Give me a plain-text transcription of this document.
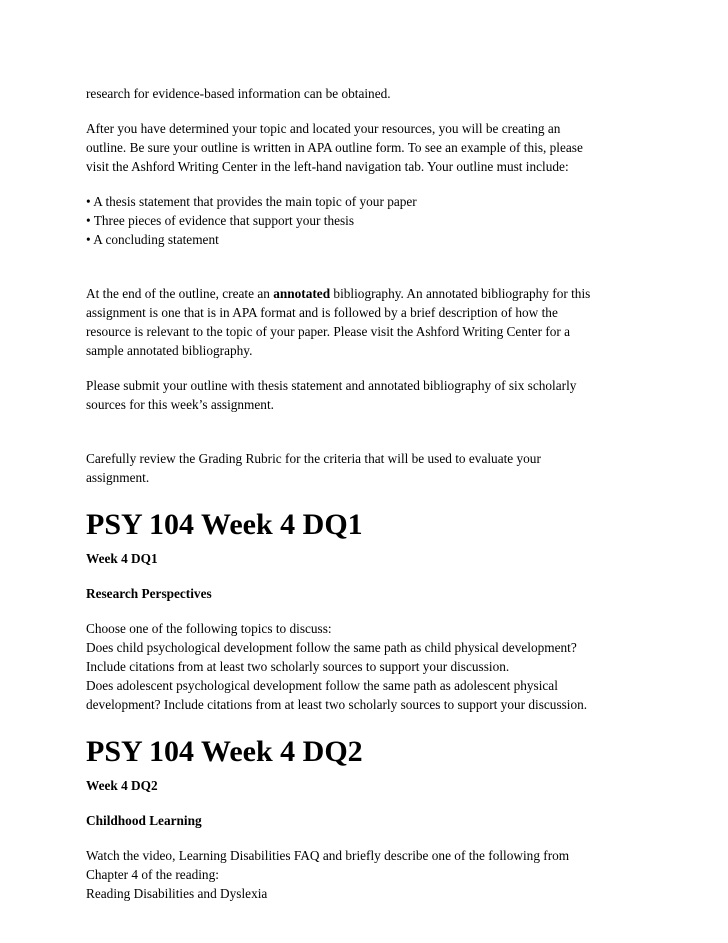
research for evidence-based information can be obtained.

After you have determined your topic and located your resources, you will be creating an

outline. Be sure your outline is written in APA outline form. To see an example of this, please

visit the Ashford Writing Center in the left-hand navigation tab. Your outline must include:

• A thesis statement that provides the main topic of your paper

• Three pieces of evidence that support your thesis

• A concluding statement

At the end of the outline, create an annotated bibliography. An annotated bibliography for this

assignment is one that is in APA format and is followed by a brief description of how the

resource is relevant to the topic of your paper. Please visit the Ashford Writing Center for a

sample annotated bibliography.

Please submit your outline with thesis statement and annotated bibliography of six scholarly

sources for this week’s assignment.

Carefully review the Grading Rubric for the criteria that will be used to evaluate your

assignment.

PSY 104 Week 4 DQ1

Week 4 DQ1

Research Perspectives

Choose one of the following topics to discuss:

Does child psychological development follow the same path as child physical development?

Include citations from at least two scholarly sources to support your discussion.

Does adolescent psychological development follow the same path as adolescent physical

development? Include citations from at least two scholarly sources to support your discussion.

PSY 104 Week 4 DQ2

Week 4 DQ2

Childhood Learning

Watch the video, Learning Disabilities FAQ and briefly describe one of the following from

Chapter 4 of the reading:

Reading Disabilities and Dyslexia
